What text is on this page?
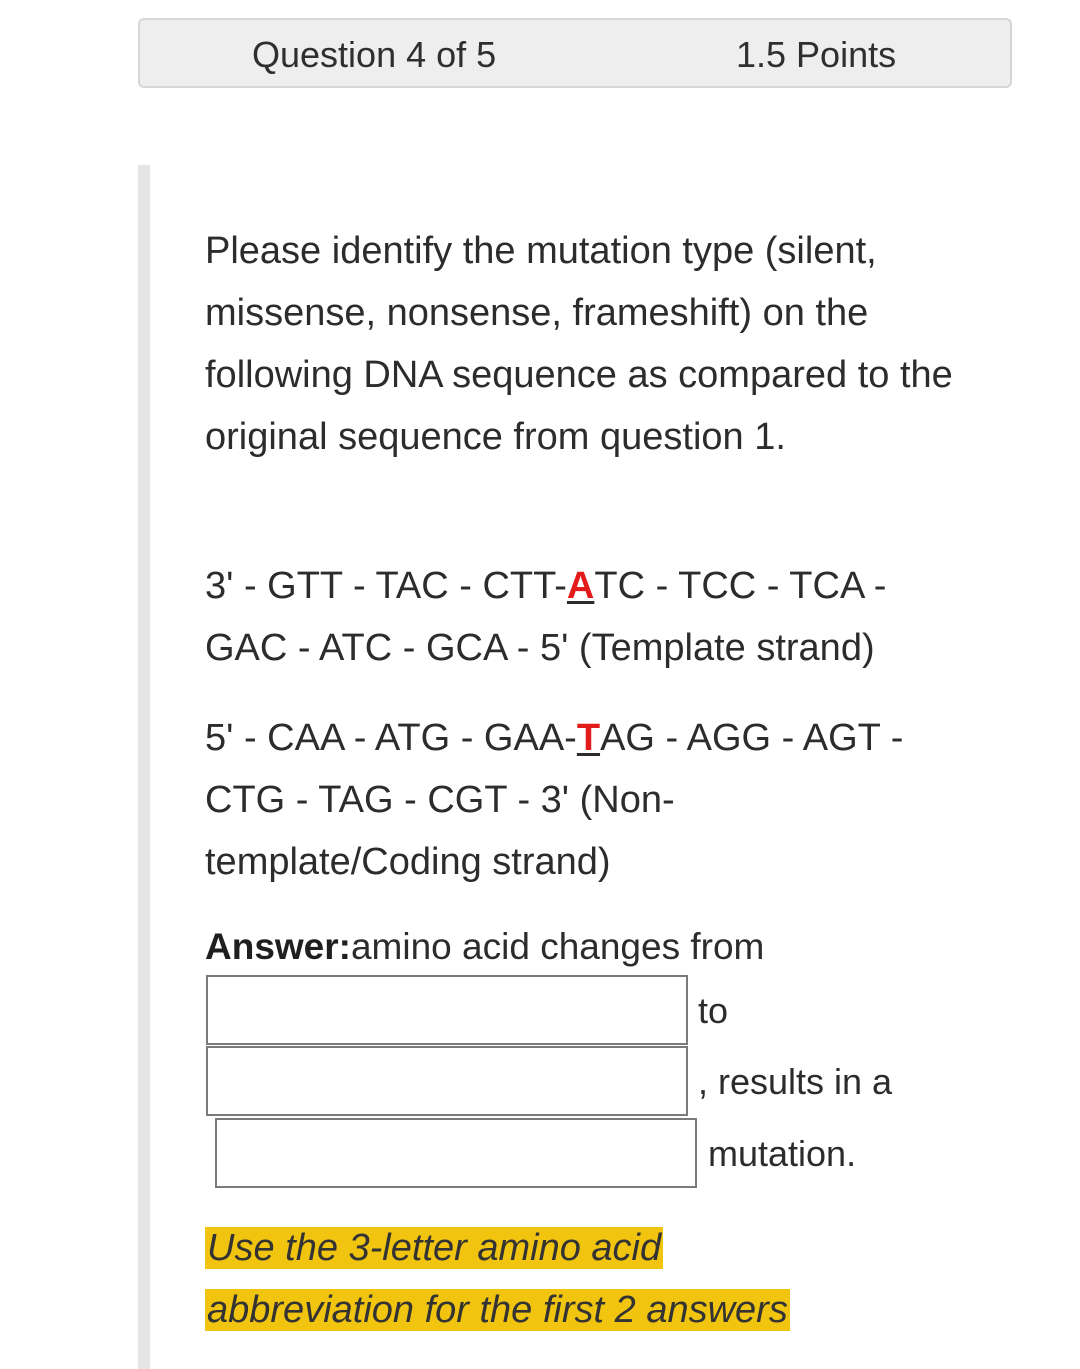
Question 4 of 5	1.5 Points
Please identify the mutation type (silent, missense, nonsense, frameshift) on the following DNA sequence as compared to the original sequence from question 1.
3' - GTT - TAC - CTT-ATC - TCC - TCA -
GAC - ATC - GCA - 5' (Template strand)
5' - CAA - ATG - GAA-TAG - AGG - AGT -
CTG - TAG - CGT - 3' (Non-
template/Coding strand)
Answer:amino acid changes from
to
, results in a
mutation.
Use the 3-letter amino acid
abbreviation for the first 2 answers
